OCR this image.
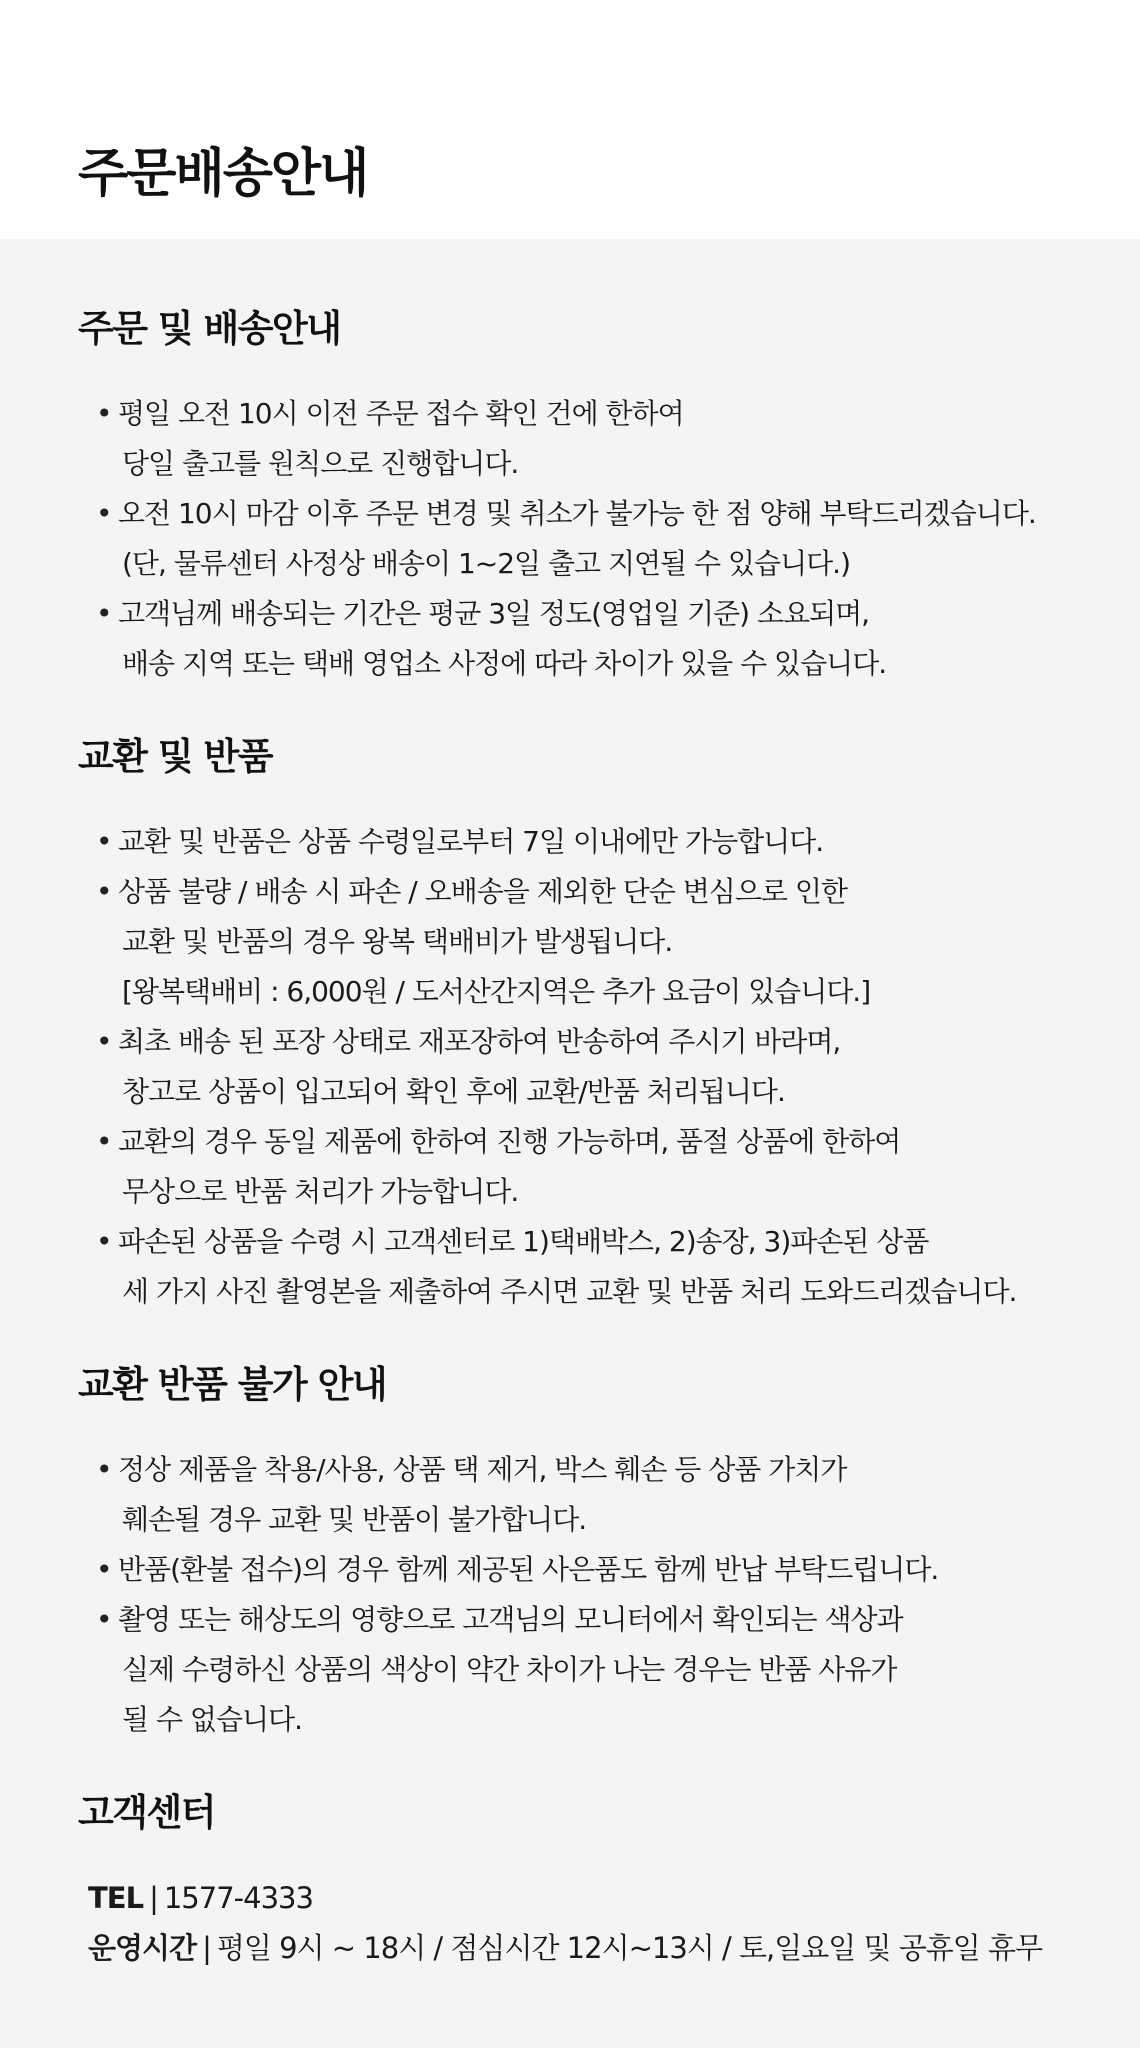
주문배송안내
주문 및 배송안내
• 평일 오전 10시 이전 주문 접수 확인 건에 한하여
당일 출고를 원칙으로 진행합니다.
• 오전 10시 마감 이후 주문 변경 및 취소가 불가능 한 점 양해 부탁드리겠습니다.
(단, 물류센터 사정상 배송이 1~2일 출고 지연될 수 있습니다.)
• 고객님께 배송되는 기간은 평균 3일 정도(영업일 기준) 소요되며,
배송 지역 또는 택배 영업소 사정에 따라 차이가 있을 수 있습니다.
교환 및 반품
• 교환 및 반품은 상품 수령일로부터 7일 이내에만 가능합니다.
• 상품 불량 / 배송 시 파손 / 오배송을 제외한 단순 변심으로 인한
교환 및 반품의 경우 왕복 택배비가 발생됩니다.
[왕복택배비 : 6,000원 / 도서산간지역은 추가 요금이 있습니다.]
• 최초 배송 된 포장 상태로 재포장하여 반송하여 주시기 바라며,
창고로 상품이 입고되어 확인 후에 교환/반품 처리됩니다.
• 교환의 경우 동일 제품에 한하여 진행 가능하며, 품절 상품에 한하여
무상으로 반품 처리가 가능합니다.
• 파손된 상품을 수령 시 고객센터로 1)택배박스, 2)송장, 3)파손된 상품
세 가지 사진 촬영본을 제출하여 주시면 교환 및 반품 처리 도와드리겠습니다.
교환 반품 불가 안내
• 정상 제품을 착용/사용, 상품 택 제거, 박스 훼손 등 상품 가치가
훼손될 경우 교환 및 반품이 불가합니다.
• 반품(환불 접수)의 경우 함께 제공된 사은품도 함께 반납 부탁드립니다.
• 촬영 또는 해상도의 영향으로 고객님의 모니터에서 확인되는 색상과
실제 수령하신 상품의 색상이 약간 차이가 나는 경우는 반품 사유가
될 수 없습니다.
고객센터
TEL | 1577-4333
운영시간 | 평일 9시 ~ 18시 / 점심시간 12시~13시 / 토,일요일 및 공휴일 휴무
